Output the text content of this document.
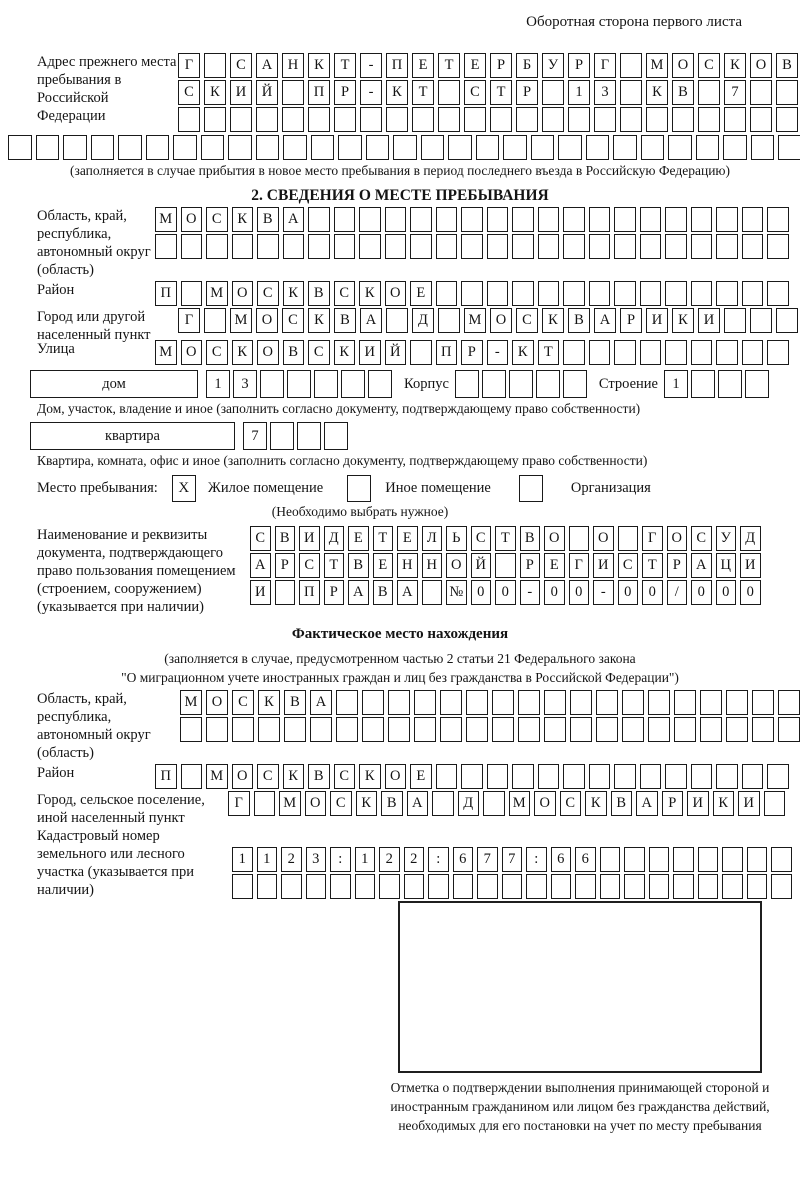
Оборотная сторона первого листа
Адрес прежнего места пребывания в Российской Федерации
Г	С	А	Н	К	Т	-	П	Е	Т	Е	Р	Б	У	Р	Г	М О	С	К	О	В
С	К	И	Й	П	Р	-	К	Т	С	Т	Р	1	3	К	В	7
(заполняется в случае прибытия в новое место пребывания в период последнего въезда в Российскую Федерацию)
2. СВЕДЕНИЯ О МЕСТЕ ПРЕБЫВАНИЯ
Область, край, республика, автономный округ (область)
М О	С	К	В	А
Район	П	М О	С	К	В	С	К	О	Е
Город или другой населенный пункт
Г	М О	С	К	В	А	Д	М О	С	К	В	А	Р	И	К	И
Улица	М О	С	К	О	В	С	К	И	Й	П	Р	-	К	Т
дом	1	3	Корпус	Строение 1
Дом, участок, владение и иное (заполнить согласно документу, подтверждающему право собственности)
квартира	7
Квартира, комната, офис и иное (заполнить согласно документу, подтверждающему право собственности)
Место пребывания:	X	Жилое помещение	Иное помещение	Организация
(Необходимо выбрать нужное)
Наименование и реквизиты документа, подтверждающего право пользования помещением (строением, сооружением) (указывается при наличии)
С	В И Д	Е	Т	Е	Л	Ь	С	Т	В О	О	Г	О С	У Д
А	Р	С	Т	В	Е	Н Н О Й	Р	Е	Г	И С	Т	Р	А Ц И
И	П	Р	А В А	№ 0	0	-	0	0	-	0	0	/	0	0	0
Фактическое место нахождения
(заполняется в случае, предусмотренном частью 2 статьи 21 Федерального закона
"О миграционном учете иностранных граждан и лиц без гражданства в Российской Федерации")
Область, край, республика, автономный округ (область)
М О	С	К	В	А
Район	П	М О	С	К	В	С	К	О	Е
Город, сельское поселение, иной населенный пункт
Г	М О	С	К	В	А	Д	М О	С	К	В	А	Р	И	К	И
Кадастровый номер земельного или лесного участка (указывается при наличии)
1	1	2	3	:	1	2	2	:	6	7	7	:	6	6
Отметка о подтверждении выполнения принимающей стороной и иностранным гражданином или лицом без гражданства действий, необходимых для его постановки на учет по месту пребывания
